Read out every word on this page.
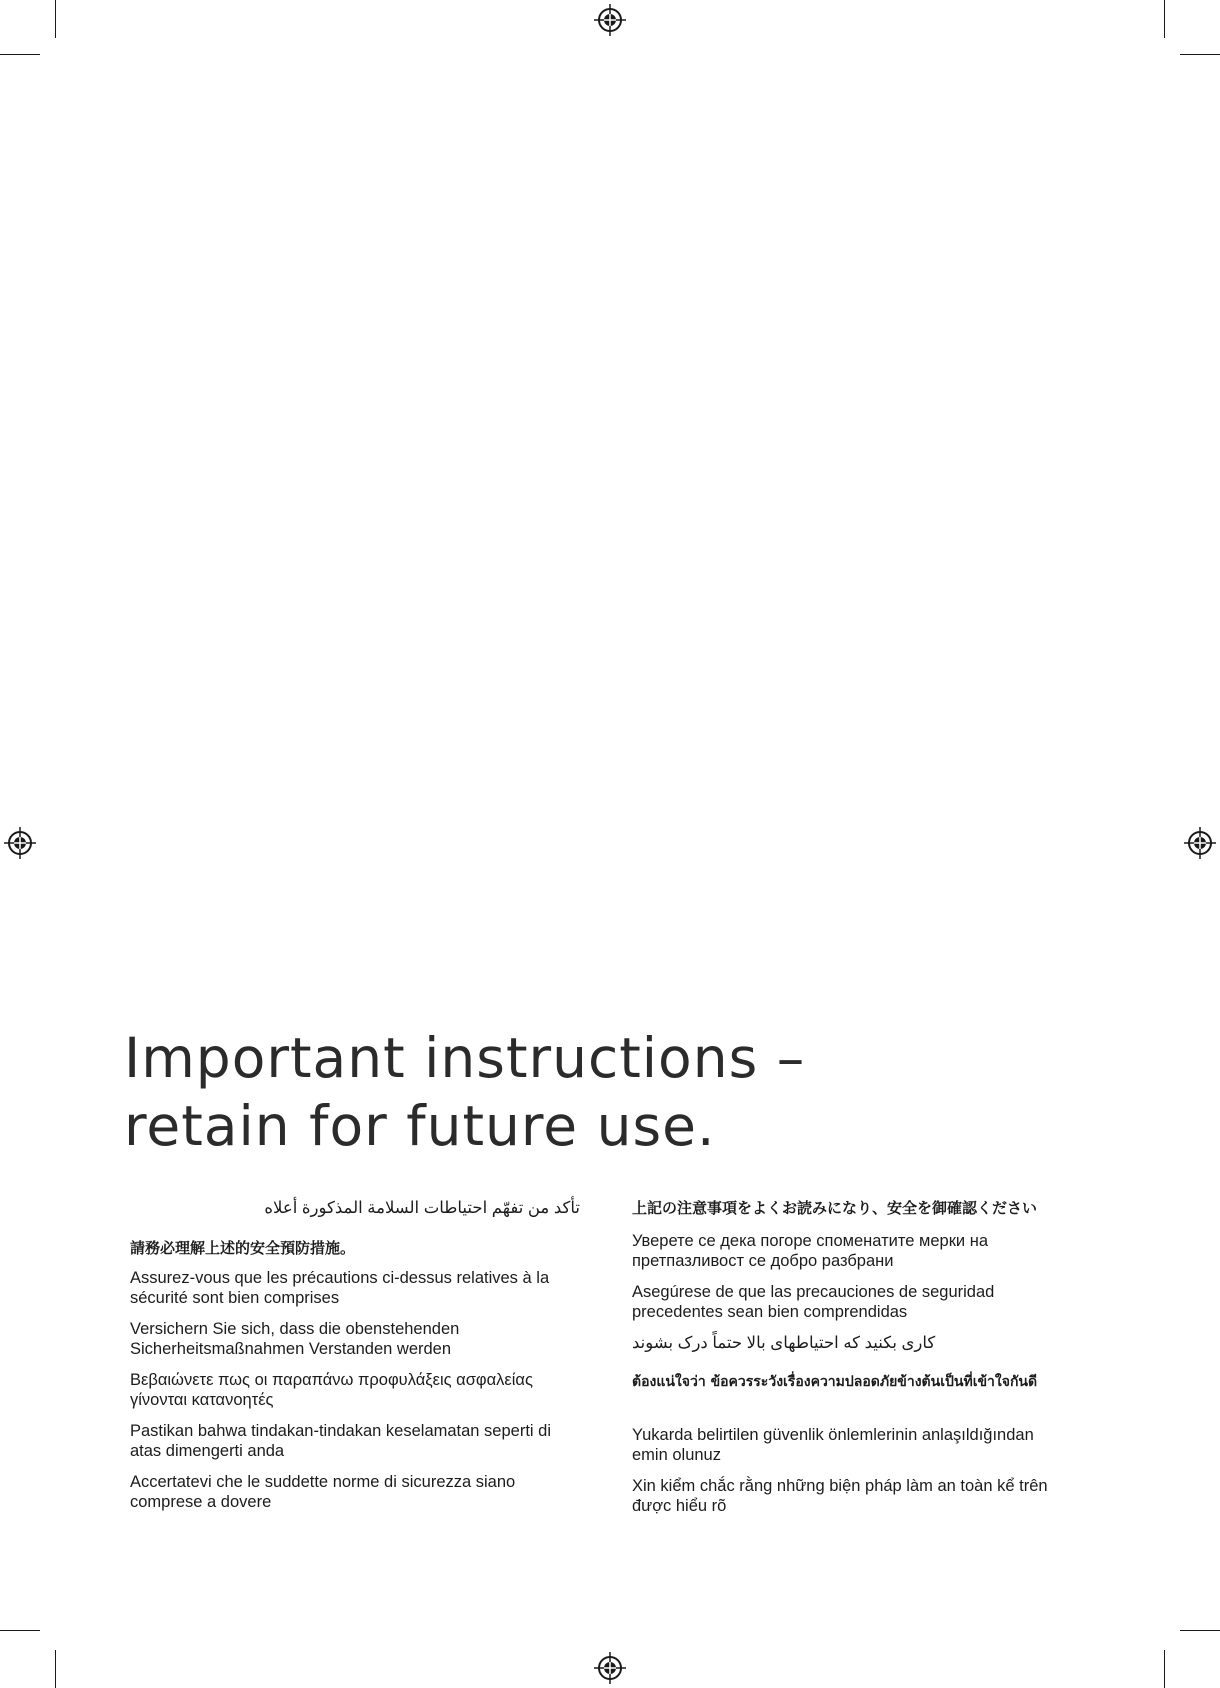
Important instructions –
retain for future use.

تأكد من تفهّم احتياطات السلامة المذكورة أعلاه

請務必理解上述的安全預防措施。

Assurez-vous que les précautions ci-dessus relatives à la sécurité sont bien comprises

Versichern Sie sich, dass die obenstehenden Sicherheitsmaßnahmen Verstanden werden

Βεβαιώνετε πως οι παραπάνω προφυλάξεις ασφαλείας γίνονται κατανοητές

Pastikan bahwa tindakan-tindakan keselamatan seperti di atas dimengerti anda

Accertatevi che le suddette norme di sicurezza siano comprese a dovere

上記の注意事項をよくお読みになり、安全を御確認ください

Уверете се дека погоре споменатите мерки на претпазливост се добро разбрани

Asegúrese de que las precauciones de seguridad precedentes sean bien comprendidas

کاری بکنید که احتیاطهای بالا حتماً درک بشوند

ต้องแน่ใจว่า ข้อควรระวังเรื่องความปลอดภัยข้างต้นเป็นที่เข้าใจกันดี

Yukarda belirtilen güvenlik önlemlerinin anlaşıldığından emin olunuz

Xin kiểm chắc rằng những biện pháp làm an toàn kể trên được hiểu rõ
